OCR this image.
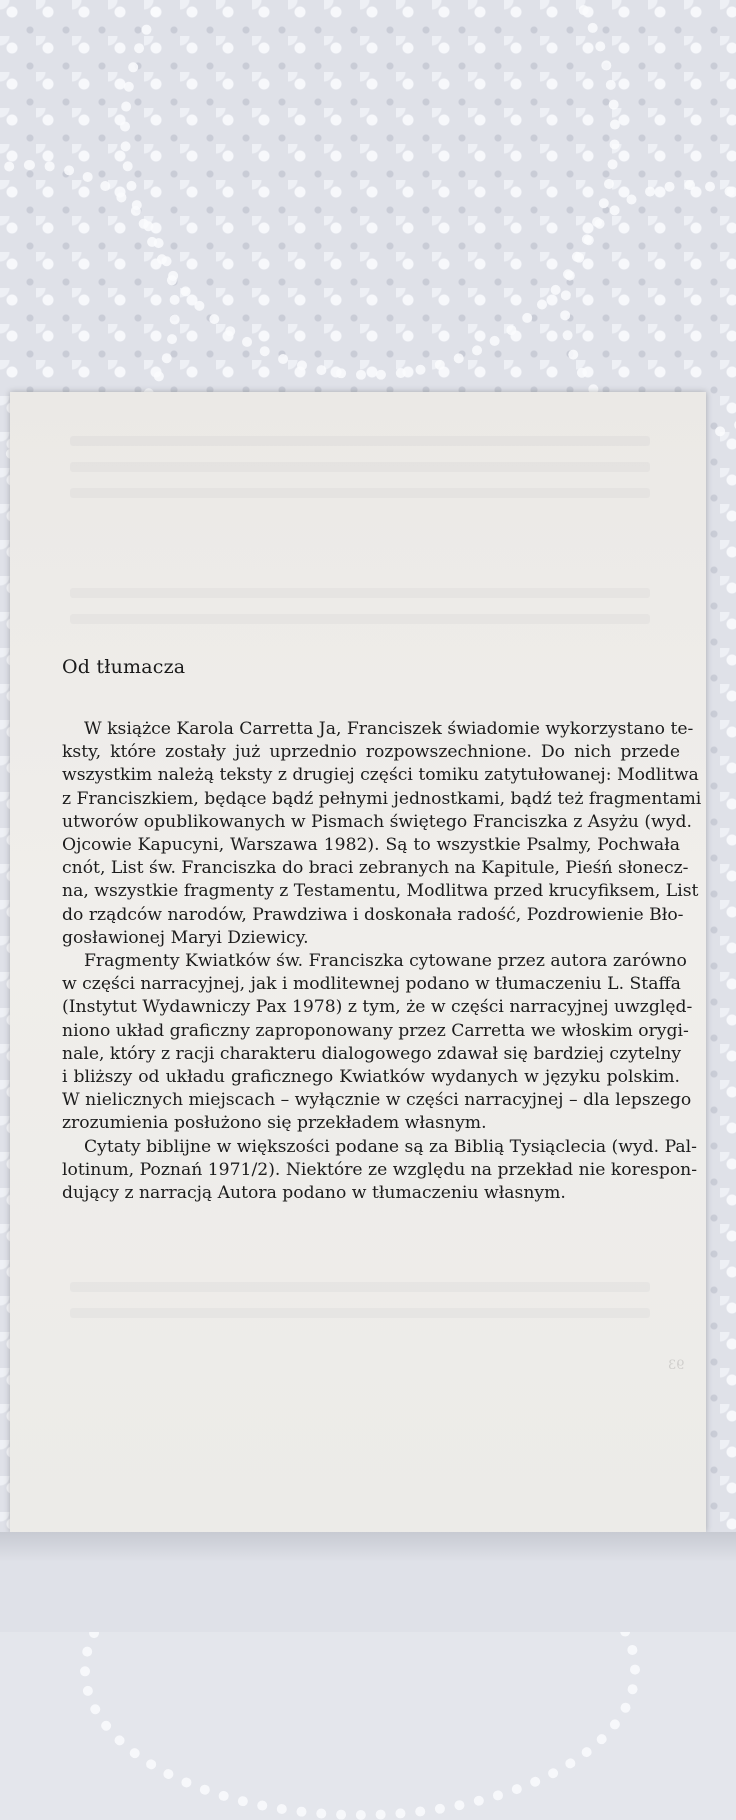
Od tłumacza

W książce Karola Carretta Ja, Franciszek świadomie wykorzystano te-
ksty, które zostały już uprzednio rozpowszechnione. Do nich przede
wszystkim należą teksty z drugiej części tomiku zatytułowanej: Modlitwa
z Franciszkiem, będące bądź pełnymi jednostkami, bądź też fragmentami
utworów opublikowanych w Pismach świętego Franciszka z Asyżu (wyd.
Ojcowie Kapucyni, Warszawa 1982). Są to wszystkie Psalmy, Pochwała
cnót, List św. Franciszka do braci zebranych na Kapitule, Pieśń słonecz-
na, wszystkie fragmenty z Testamentu, Modlitwa przed krucyfiksem, List
do rządców narodów, Prawdziwa i doskonała radość, Pozdrowienie Bło-
gosławionej Maryi Dziewicy.

Fragmenty Kwiatków św. Franciszka cytowane przez autora zarówno
w części narracyjnej, jak i modlitewnej podano w tłumaczeniu L. Staffa
(Instytut Wydawniczy Pax 1978) z tym, że w części narracyjnej uwzględ-
niono układ graficzny zaproponowany przez Carretta we włoskim orygi-
nale, który z racji charakteru dialogowego zdawał się bardziej czytelny
i bliższy od układu graficznego Kwiatków wydanych w języku polskim.
W nielicznych miejscach – wyłącznie w części narracyjnej – dla lepszego
zrozumienia posłużono się przekładem własnym.

Cytaty biblijne w większości podane są za Biblią Tysiąclecia (wyd. Pal-
lotinum, Poznań 1971/2). Niektóre ze względu na przekład nie korespon-
dujący z narracją Autora podano w tłumaczeniu własnym.

93
